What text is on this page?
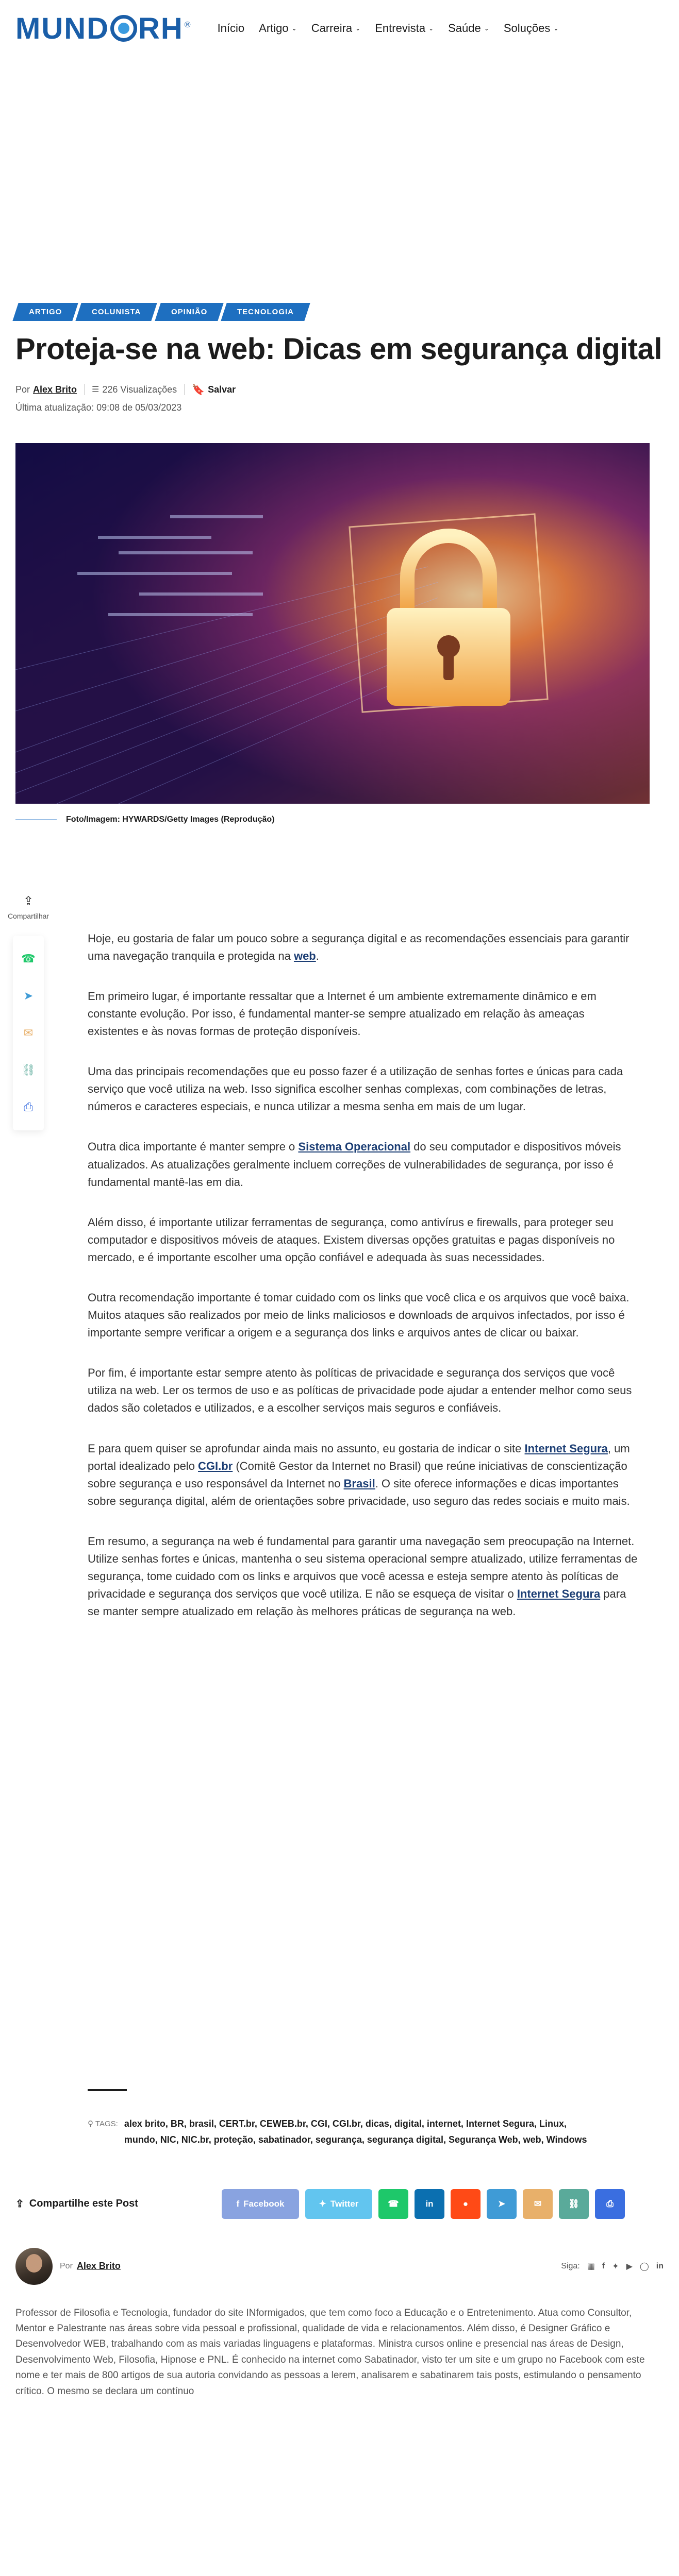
MUND RH ® Início Artigo ⌄ Carreira ⌄ Entrevista ⌄ Saúde ⌄ Soluções ⌄
ARTIGO	COLUNISTA	OPINIÃO	TECNOLOGIA
Proteja-se na web: Dicas em segurança digital
Por Alex Brito ☰ 226 Visualizações 🔖 Salvar
Última atualização: 09:08 de 05/03/2023
Foto/Imagem: HYWARDS/Getty Images (Reprodução)
⇪
Compartilhar
☎
➤
✉
⛓
⎙

Hoje, eu gostaria de falar um pouco sobre a segurança digital e as recomendações essenciais para garantir uma navegação tranquila e protegida na web.

Em primeiro lugar, é importante ressaltar que a Internet é um ambiente extremamente dinâmico e em constante evolução. Por isso, é fundamental manter-se sempre atualizado em relação às ameaças existentes e às novas formas de proteção disponíveis.

Uma das principais recomendações que eu posso fazer é a utilização de senhas fortes e únicas para cada serviço que você utiliza na web. Isso significa escolher senhas complexas, com combinações de letras, números e caracteres especiais, e nunca utilizar a mesma senha em mais de um lugar.

Outra dica importante é manter sempre o Sistema Operacional do seu computador e dispositivos móveis atualizados. As atualizações geralmente incluem correções de vulnerabilidades de segurança, por isso é fundamental mantê-las em dia.

Além disso, é importante utilizar ferramentas de segurança, como antivírus e firewalls, para proteger seu computador e dispositivos móveis de ataques. Existem diversas opções gratuitas e pagas disponíveis no mercado, e é importante escolher uma opção confiável e adequada às suas necessidades.

Outra recomendação importante é tomar cuidado com os links que você clica e os arquivos que você baixa. Muitos ataques são realizados por meio de links maliciosos e downloads de arquivos infectados, por isso é importante sempre verificar a origem e a segurança dos links e arquivos antes de clicar ou baixar.

Por fim, é importante estar sempre atento às políticas de privacidade e segurança dos serviços que você utiliza na web. Ler os termos de uso e as políticas de privacidade pode ajudar a entender melhor como seus dados são coletados e utilizados, e a escolher serviços mais seguros e confiáveis.

E para quem quiser se aprofundar ainda mais no assunto, eu gostaria de indicar o site Internet Segura, um portal idealizado pelo CGI.br (Comitê Gestor da Internet no Brasil) que reúne iniciativas de conscientização sobre segurança e uso responsável da Internet no Brasil. O site oferece informações e dicas importantes sobre segurança digital, além de orientações sobre privacidade, uso seguro das redes sociais e muito mais.

Em resumo, a segurança na web é fundamental para garantir uma navegação sem preocupação na Internet. Utilize senhas fortes e únicas, mantenha o seu sistema operacional sempre atualizado, utilize ferramentas de segurança, tome cuidado com os links e arquivos que você acessa e esteja sempre atento às políticas de privacidade e segurança dos serviços que você utiliza. E não se esqueça de visitar o Internet Segura para se manter sempre atualizado em relação às melhores práticas de segurança na web.

⚲ TAGS: alex brito, BR, brasil, CERT.br, CEWEB.br, CGI, CGI.br, dicas, digital, internet, Internet Segura, Linux, mundo, NIC, NIC.br, proteção, sabatinador, segurança, segurança digital, Segurança Web, web, Windows
⇪ Compartilhe este Post	f Facebook	✦ Twitter	☎	in	●	➤	✉	⛓	⎙
Por Alex Brito	Siga: ▦ f ✦ ▶ ◯ in
Professor de Filosofia e Tecnologia, fundador do site INformigados, que tem como foco a Educação e o Entretenimento. Atua como Consultor, Mentor e Palestrante nas áreas sobre vida pessoal e profissional, qualidade de vida e relacionamentos. Além disso, é Designer Gráfico e Desenvolvedor WEB, trabalhando com as mais variadas linguagens e plataformas. Ministra cursos online e presencial nas áreas de Design, Desenvolvimento Web, Filosofia, Hipnose e PNL. É conhecido na internet como Sabatinador, visto ter um site e um grupo no Facebook com este nome e ter mais de 800 artigos de sua autoria convidando as pessoas a lerem, analisarem e sabatinarem tais posts, estimulando o pensamento crítico. O mesmo se declara um contínuo
